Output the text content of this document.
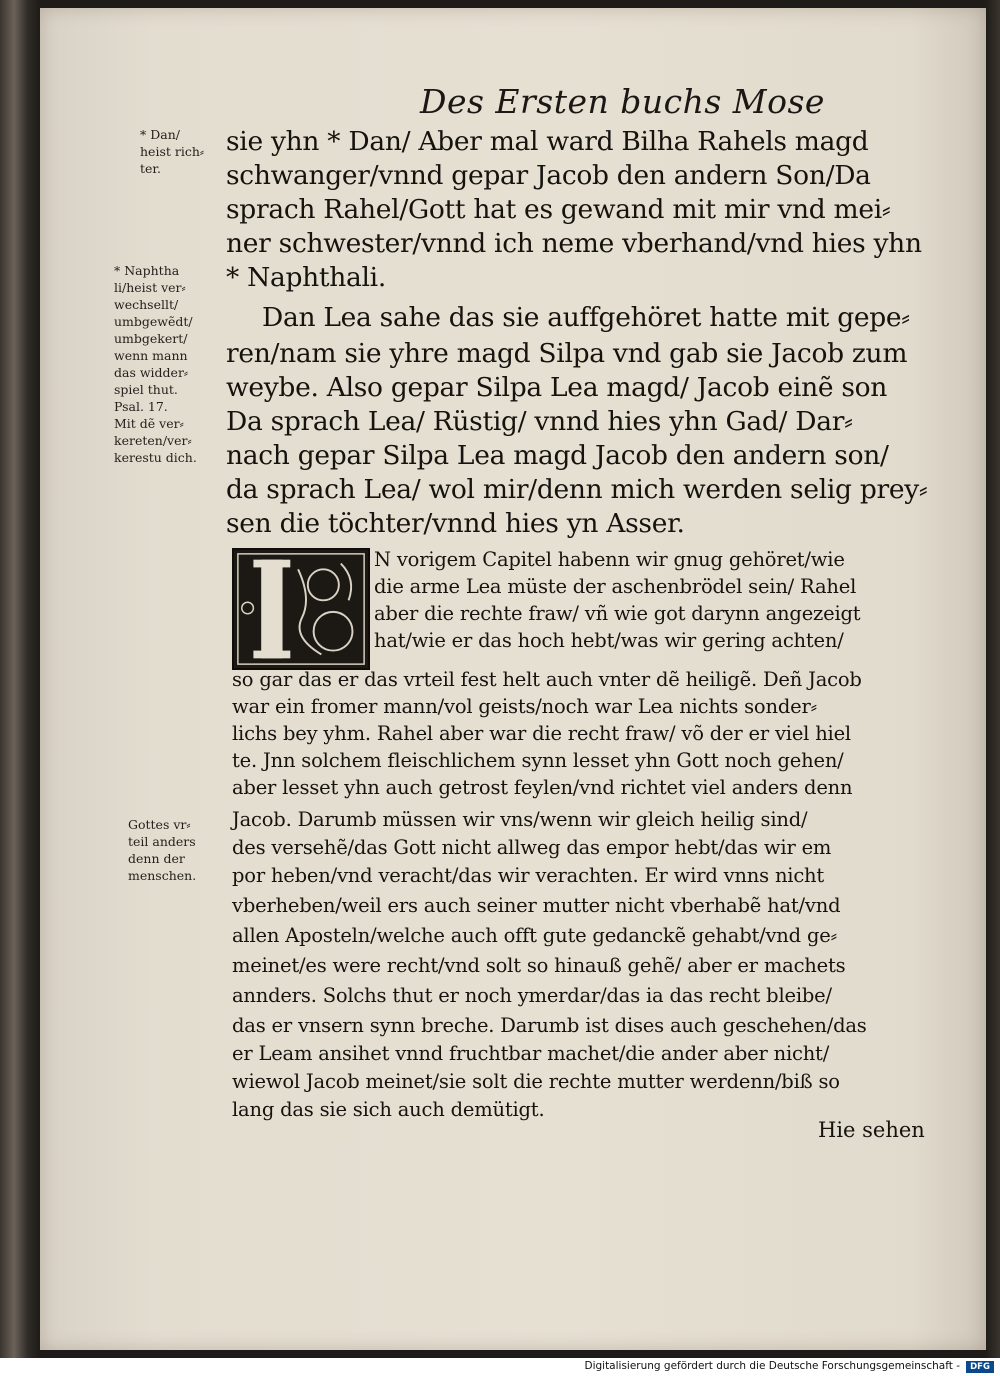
Des Ersten buchs Mose
* Dan/
heist rich⸗
ter.
* Naphtha
li/heist ver⸗
wechsellt/
umbgewẽdt/
umbgekert/
wenn mann
das widder⸗
spiel thut.
Psal. 17.
Mit dẽ ver⸗
kereten/ver⸗
kerestu dich.
Gottes vr⸗
teil anders
denn der
menschen.
sie yhn * Dan/ Aber mal ward Bilha Rahels magd
schwanger/vnnd gepar Jacob den andern Son/Da
sprach Rahel/Gott hat es gewand mit mir vnd mei⸗
ner schwester/vnnd ich neme vberhand/vnd hies yhn
* Naphthali.
Dan Lea sahe das sie auffgehöret hatte mit gepe⸗
ren/nam sie yhre magd Silpa vnd gab sie Jacob zum
weybe. Also gepar Silpa Lea magd/ Jacob einẽ son
Da sprach Lea/ Rüstig/ vnnd hies yhn Gad/ Dar⸗
nach gepar Silpa Lea magd Jacob den andern son/
da sprach Lea/ wol mir/denn mich werden selig prey⸗
sen die töchter/vnnd hies yn Asser.
N vorigem Capitel habenn wir gnug gehöret/wie
die arme Lea müste der aschenbrödel sein/ Rahel
aber die rechte fraw/ vñ wie got darynn angezeigt
hat/wie er das hoch hebt/was wir gering achten/
so gar das er das vrteil fest helt auch vnter dẽ heiligẽ. Deñ Jacob
war ein fromer mann/vol geists/noch war Lea nichts sonder⸗
lichs bey yhm. Rahel aber war die recht fraw/ võ der er viel hiel
te. Jnn solchem fleischlichem synn lesset yhn Gott noch gehen/
aber lesset yhn auch getrost feylen/vnd richtet viel anders denn
Jacob. Darumb müssen wir vns/wenn wir gleich heilig sind/
des versehẽ/das Gott nicht allweg das empor hebt/das wir em
por heben/vnd veracht/das wir verachten. Er wird vnns nicht
vberheben/weil ers auch seiner mutter nicht vberhabẽ hat/vnd
allen Aposteln/welche auch offt gute gedanckẽ gehabt/vnd ge⸗
meinet/es were recht/vnd solt so hinauß gehẽ/ aber er machets
annders. Solchs thut er noch ymerdar/das ia das recht bleibe/
das er vnsern synn breche. Darumb ist dises auch geschehen/das
er Leam ansihet vnnd fruchtbar machet/die ander aber nicht/
wiewol Jacob meinet/sie solt die rechte mutter werdenn/biß so
lang das sie sich auch demütigt.
Hie sehen
Digitalisierung gefördert durch die Deutsche Forschungsgemeinschaft -	DFG
